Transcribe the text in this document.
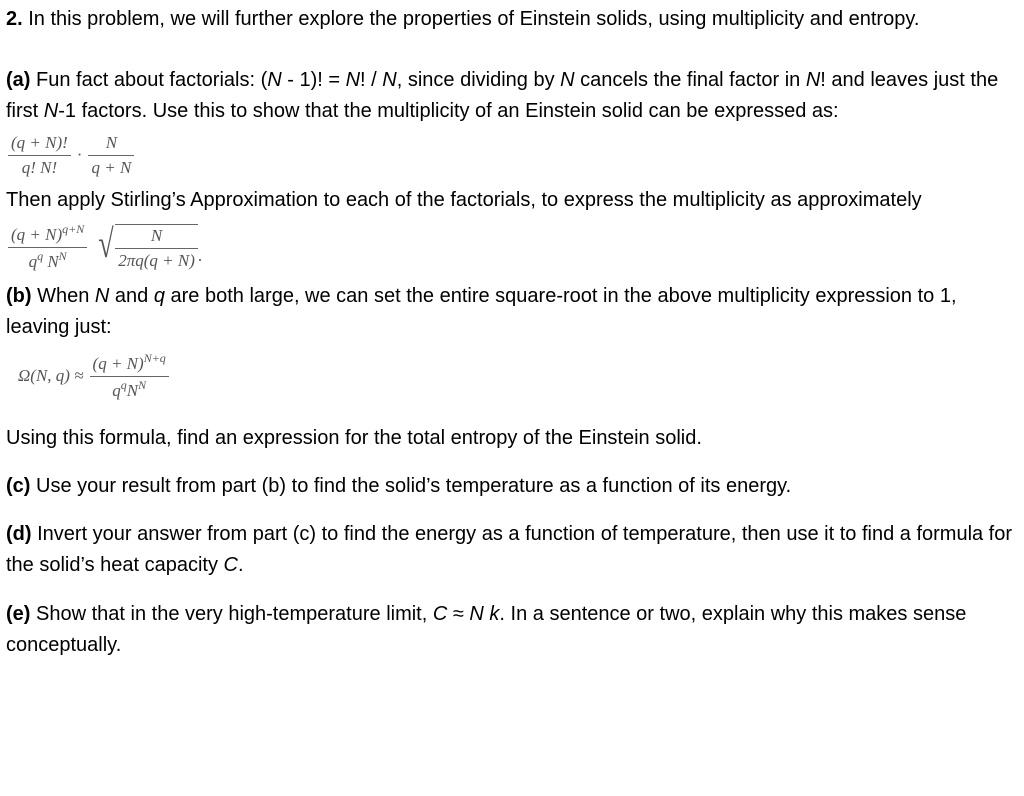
2. In this problem, we will further explore the properties of Einstein solids, using multiplicity and entropy.

(a) Fun fact about factorials: (N - 1)! = N! / N, since dividing by N cancels the final factor in N! and leaves just the first N-1 factors. Use this to show that the multiplicity of an Einstein solid can be expressed as:

$\frac{(q + N)!}{q! N!} \cdot \frac{N}{q + N}$

Then apply Stirling’s Approximation to each of the factorials, to express the multiplicity as approximately

$\frac{(q + N)^{q+N}}{q^q N^N}$ √ $\frac{N}{2\pi q(q + N)}$ .

(b) When N and q are both large, we can set the entire square-root in the above multiplicity expression to 1, leaving just:

Ω(N, $q) \approx \frac{(q + N)^{N+q}}{q^qN^N}$

Using this formula, find an expression for the total entropy of the Einstein solid.

(c) Use your result from part (b) to find the solid’s temperature as a function of its energy.

(d) Invert your answer from part (c) to find the energy as a function of temperature, then use it to find a formula for the solid’s heat capacity C.

(e) Show that in the very high-temperature limit, C ≈ N k. In a sentence or two, explain why this makes sense conceptually.
